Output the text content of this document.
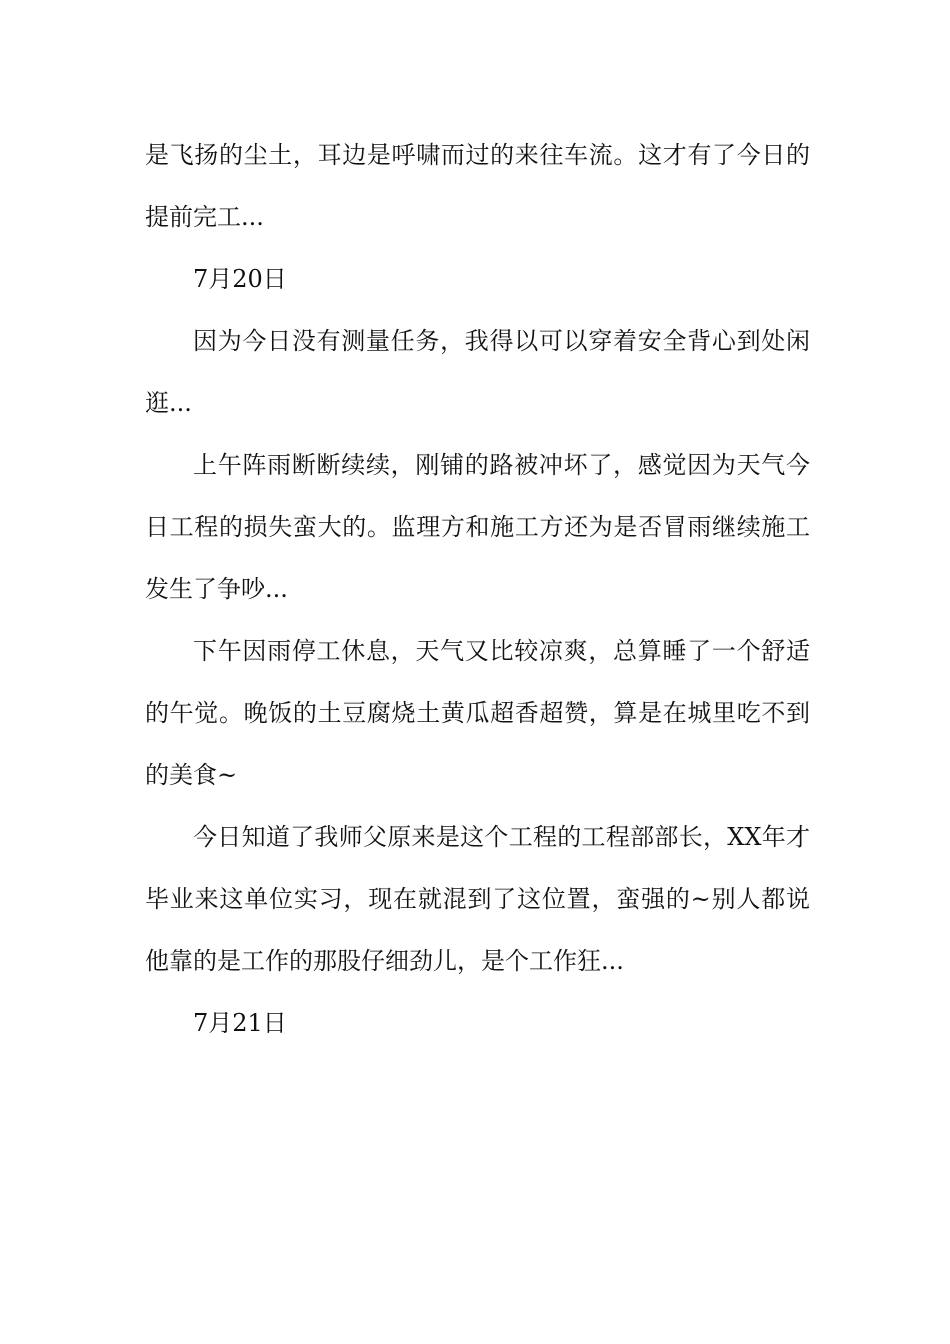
是飞扬的尘土，耳边是呼啸而过的来往车流。这才有了今日的提前完工...

7月20日

因为今日没有测量任务，我得以可以穿着安全背心到处闲逛...

上午阵雨断断续续，刚铺的路被冲坏了，感觉因为天气今日工程的损失蛮大的。监理方和施工方还为是否冒雨继续施工发生了争吵...

下午因雨停工休息，天气又比较凉爽，总算睡了一个舒适的午觉。晚饭的土豆腐烧土黄瓜超香超赞，算是在城里吃不到的美食~

今日知道了我师父原来是这个工程的工程部部长，XX年才毕业来这单位实习，现在就混到了这位置，蛮强的~别人都说他靠的是工作的那股仔细劲儿，是个工作狂...

7月21日
